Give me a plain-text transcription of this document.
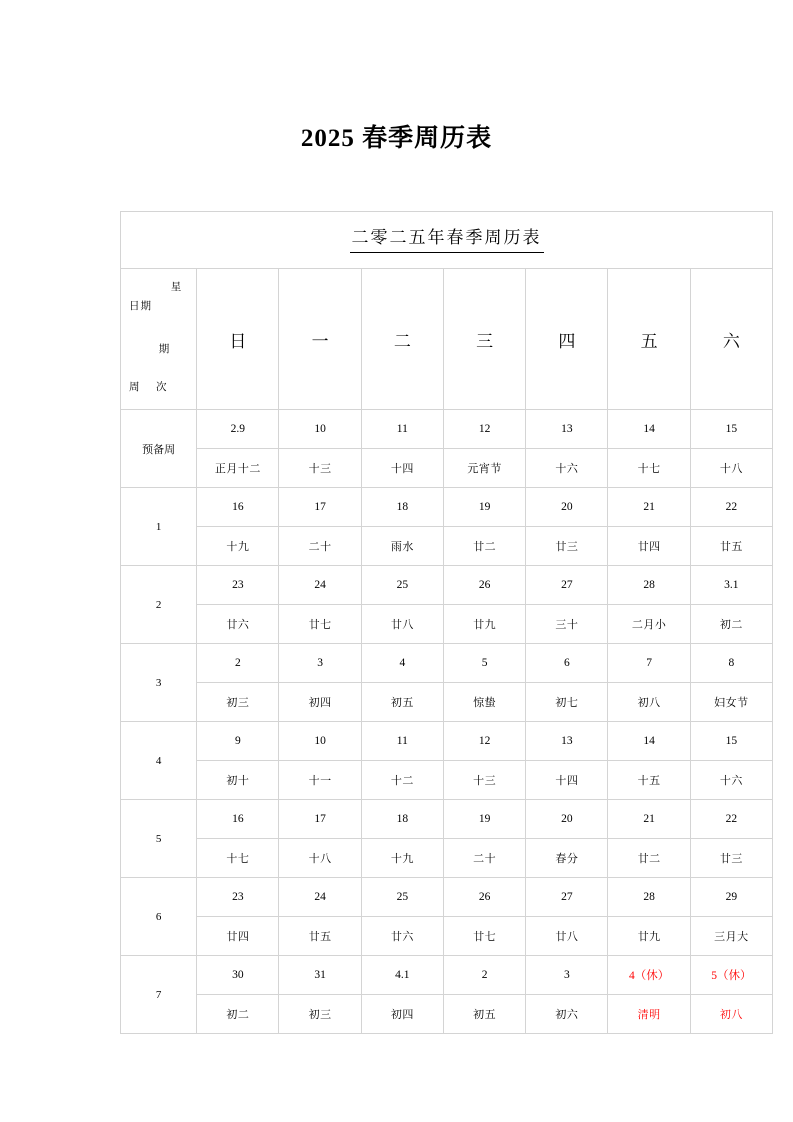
2025 春季周历表
二零二五年春季周历表							

星
日期
期
周 次	日	一	二	三	四	五	六
预备周	2.9	10	11	12	13	14	15
	正月十二	十三	十四	元宵节	十六	十七	十八
1	16	17	18	19	20	21	22
	十九	二十	雨水	廿二	廿三	廿四	廿五
2	23	24	25	26	27	28	3.1
	廿六	廿七	廿八	廿九	三十	二月小	初二
3	2	3	4	5	6	7	8
	初三	初四	初五	惊蛰	初七	初八	妇女节
4	9	10	11	12	13	14	15
	初十	十一	十二	十三	十四	十五	十六
5	16	17	18	19	20	21	22
	十七	十八	十九	二十	春分	廿二	廿三
6	23	24	25	26	27	28	29
	廿四	廿五	廿六	廿七	廿八	廿九	三月大
7	30	31	4.1	2	3	4（休）	5（休）
	初二	初三	初四	初五	初六	清明	初八
